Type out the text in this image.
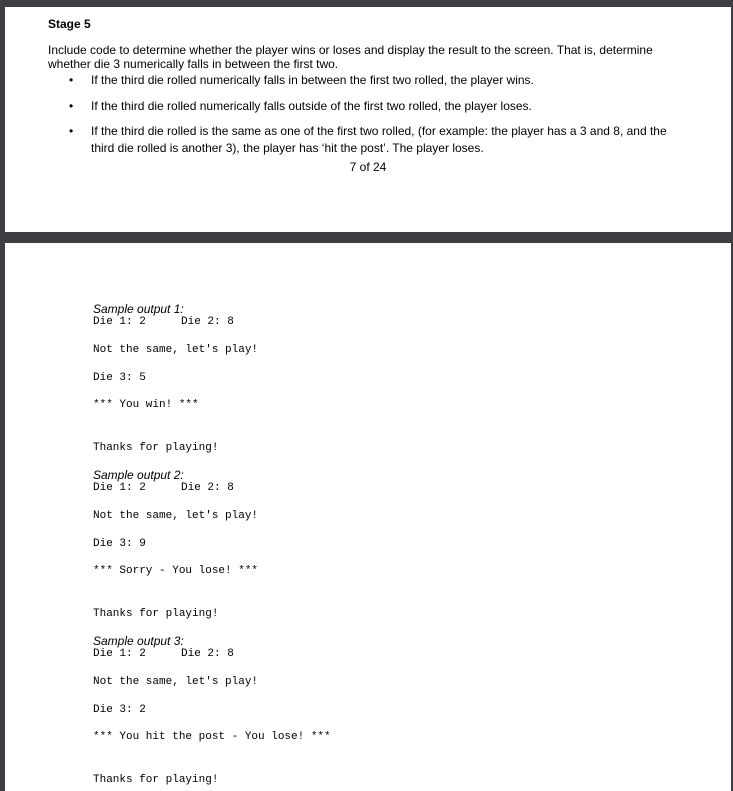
Stage 5
Include code to determine whether the player wins or loses and display the result to the screen. That is, determine
whether die 3 numerically falls in between the first two.
• If the third die rolled numerically falls in between the first two rolled, the player wins.
• If the third die rolled numerically falls outside of the first two rolled, the player loses.
• If the third die rolled is the same as one of the first two rolled, (for example: the player has a 3 and 8, and the
third die rolled is another 3), the player has ‘hit the post’. The player loses.
7 of 24

Sample output 1:

Die 1: 2	Die 2: 8

Not the same, let's play!

Die 3: 5

*** You win! ***

Thanks for playing!

Sample output 2:

Die 1: 2	Die 2: 8

Not the same, let's play!

Die 3: 9

*** Sorry - You lose! ***

Thanks for playing!

Sample output 3:

Die 1: 2	Die 2: 8

Not the same, let's play!

Die 3: 2

*** You hit the post - You lose! ***

Thanks for playing!
